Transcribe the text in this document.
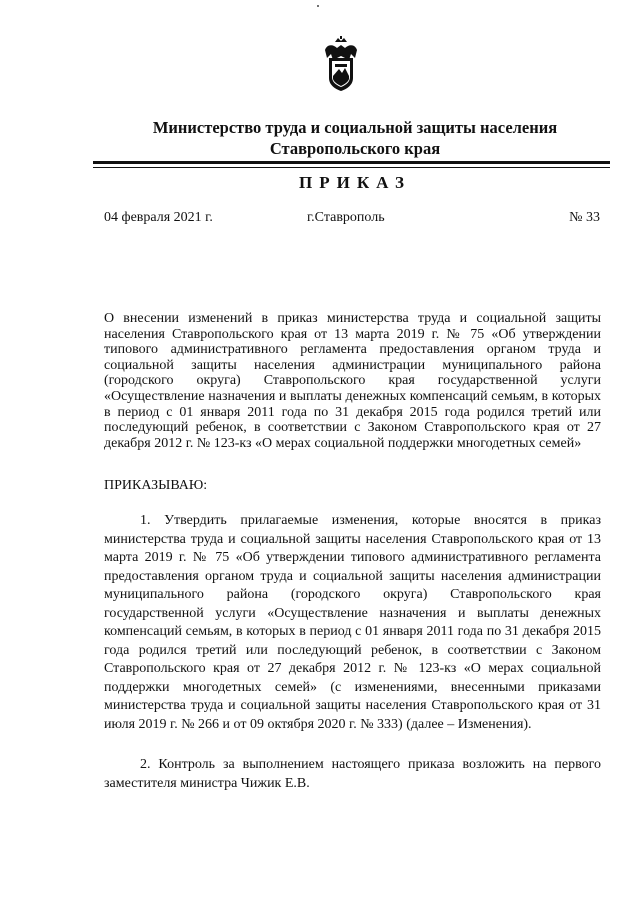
Министерство труда и социальной защиты населения
Ставропольского края
ПРИКАЗ
04 февраля 2021 г.	г.Ставрополь	№ 33
О внесении изменений в приказ министерства труда и социальной защиты населения Ставропольского края от 13 марта 2019 г. № 75 «Об утверждении типового административного регламента предоставления органом труда и социальной защиты населения администрации муниципального района (городского округа) Ставропольского края государственной услуги «Осуществление назначения и выплаты денежных компенсаций семьям, в которых в период с 01 января 2011 года по 31 декабря 2015 года родился третий или последующий ребенок, в соответствии с Законом Ставропольского края от 27 декабря 2012 г. № 123-кз «О мерах социальной поддержки многодетных семей»
ПРИКАЗЫВАЮ:

1. Утвердить прилагаемые изменения, которые вносятся в приказ министерства труда и социальной защиты населения Ставропольского края от 13 марта 2019 г. № 75 «Об утверждении типового административного регламента предоставления органом труда и социальной защиты населения администрации муниципального района (городского округа) Ставропольского края государственной услуги «Осуществление назначения и выплаты денежных компенсаций семьям, в которых в период с 01 января 2011 года по 31 декабря 2015 года родился третий или последующий ребенок, в соответствии с Законом Ставропольского края от 27 декабря 2012 г. № 123-кз «О мерах социальной поддержки многодетных семей» (с изменениями, внесенными приказами министерства труда и социальной защиты населения Ставропольского края от 31 июля 2019 г. № 266 и от 09 октября 2020 г. № 333) (далее – Изменения).

2. Контроль за выполнением настоящего приказа возложить на первого заместителя министра Чижик Е.В.
